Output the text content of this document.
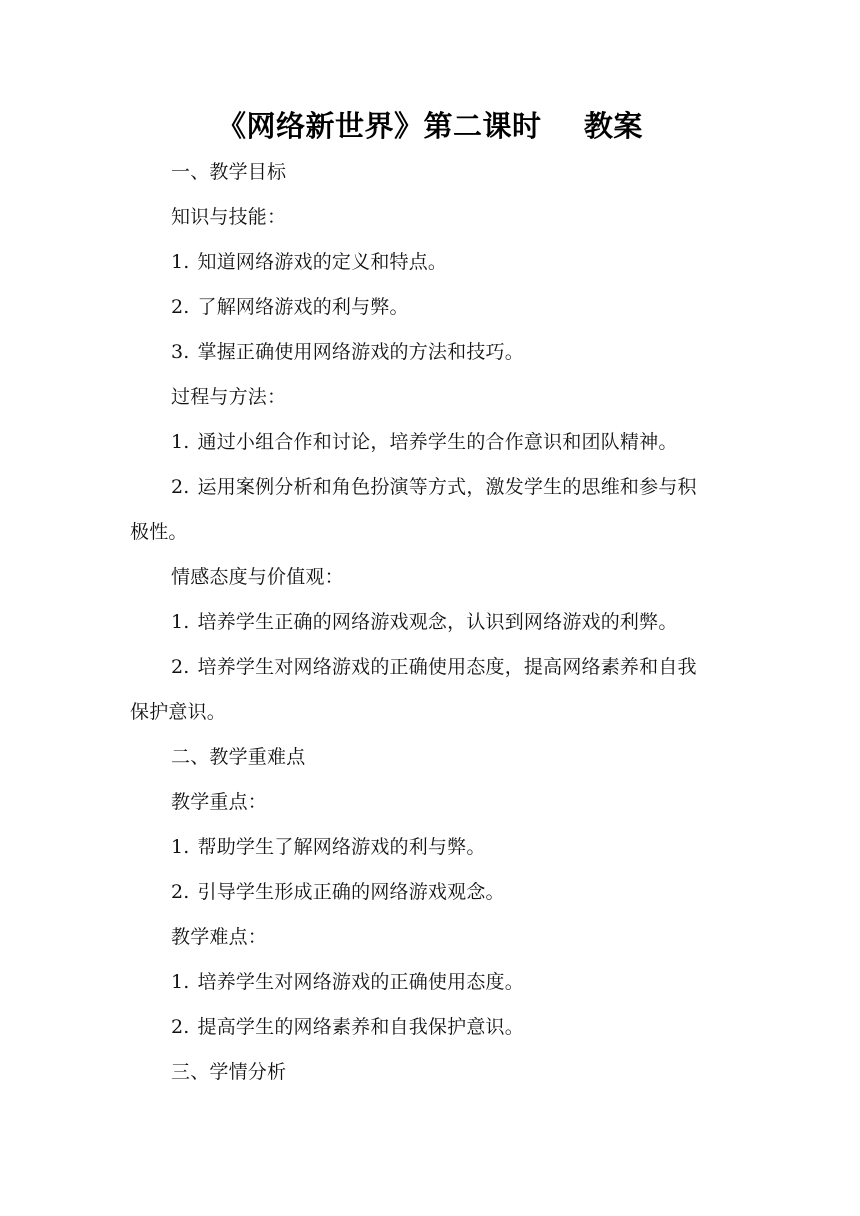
《网络新世界》第二课时    教案
一、教学目标
知识与技能：
1. 知道网络游戏的定义和特点。
2. 了解网络游戏的利与弊。
3. 掌握正确使用网络游戏的方法和技巧。
过程与方法：
1. 通过小组合作和讨论，培养学生的合作意识和团队精神。
2. 运用案例分析和角色扮演等方式，激发学生的思维和参与积
极性。
情感态度与价值观：
1. 培养学生正确的网络游戏观念，认识到网络游戏的利弊。
2. 培养学生对网络游戏的正确使用态度，提高网络素养和自我
保护意识。
二、教学重难点
教学重点：
1. 帮助学生了解网络游戏的利与弊。
2. 引导学生形成正确的网络游戏观念。
教学难点：
1. 培养学生对网络游戏的正确使用态度。
2. 提高学生的网络素养和自我保护意识。
三、学情分析
